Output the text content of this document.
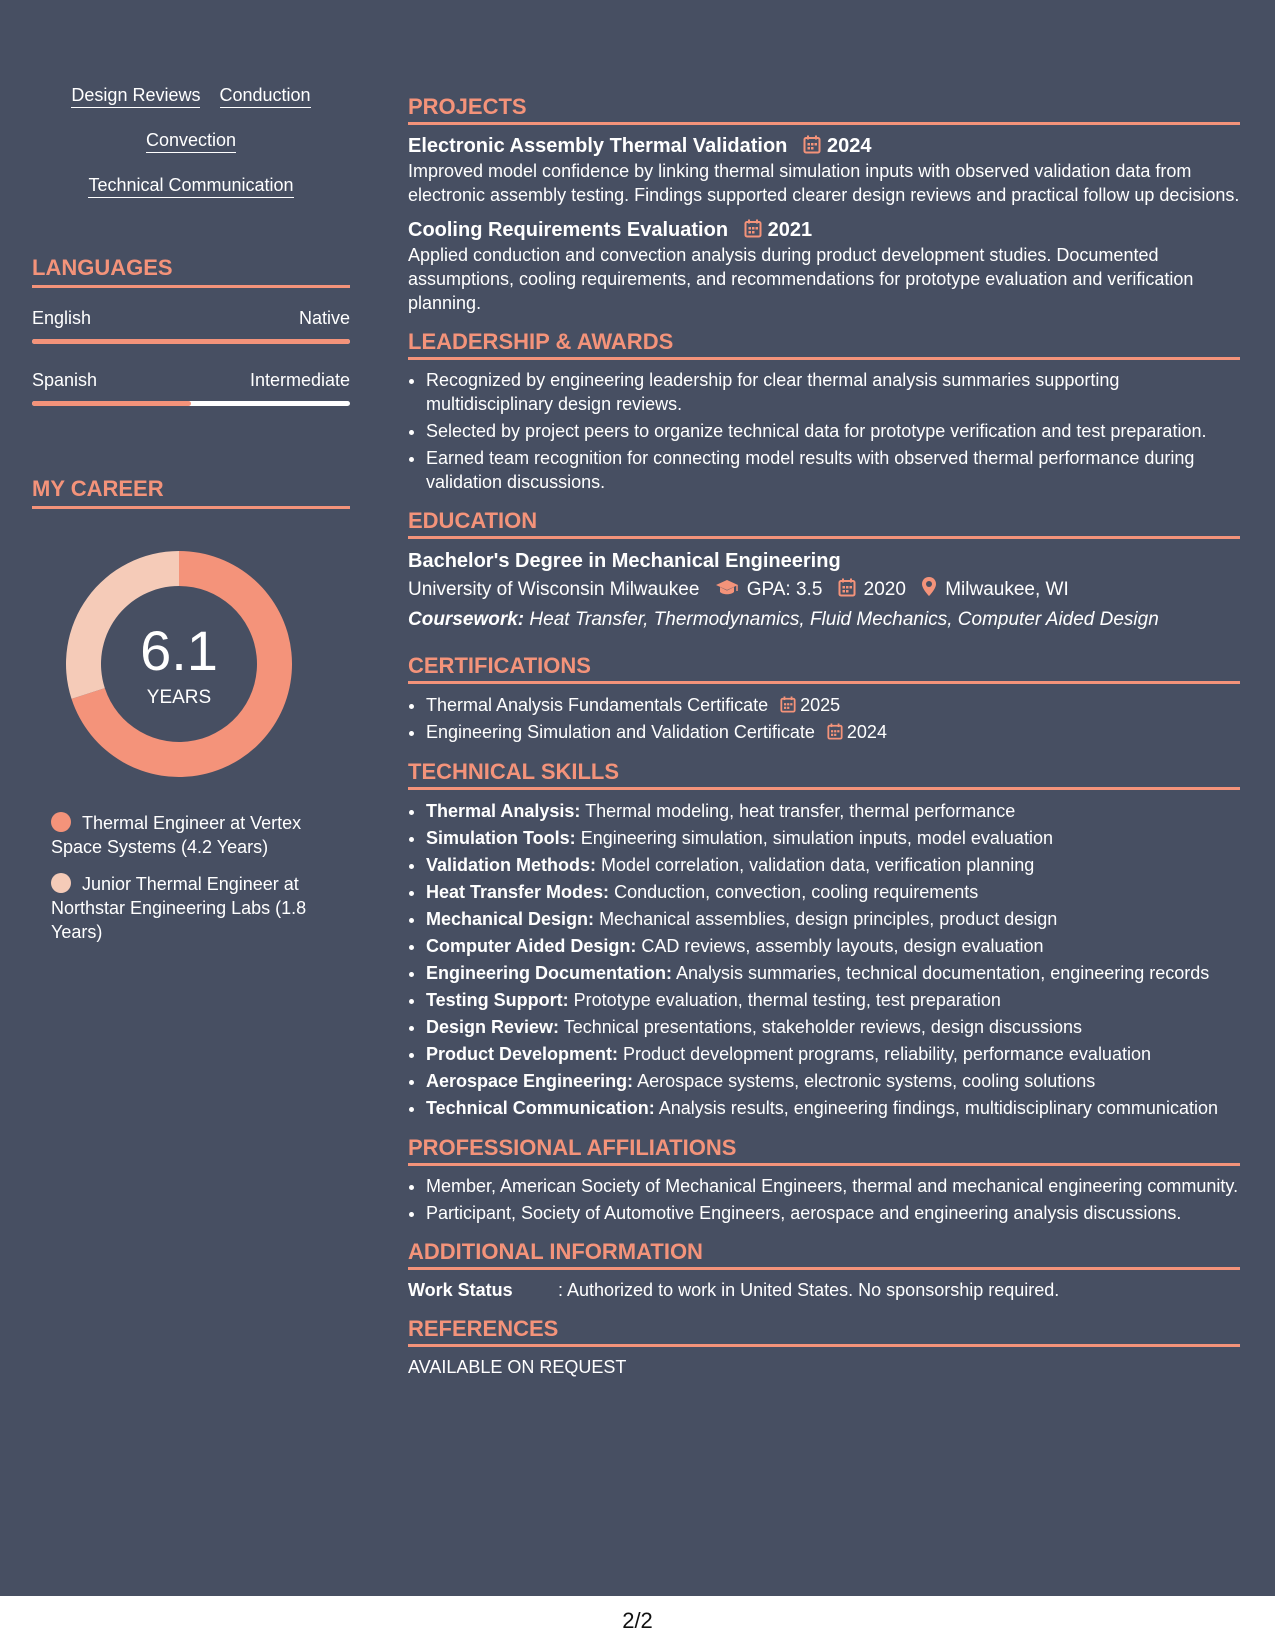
Design Reviews Conduction
Convection
Technical Communication
LANGUAGES
English	Native
Spanish	Intermediate
MY CAREER
6.1
YEARS
Thermal Engineer at Vertex Space Systems (4.2 Years)
Junior Thermal Engineer at Northstar Engineering Labs (1.8 Years)
PROJECTS
Electronic Assembly Thermal Validation 2024
Improved model confidence by linking thermal simulation inputs with observed validation data from electronic assembly testing. Findings supported clearer design reviews and practical follow up decisions.
Cooling Requirements Evaluation 2021
Applied conduction and convection analysis during product development studies. Documented assumptions, cooling requirements, and recommendations for prototype evaluation and verification planning.
LEADERSHIP & AWARDS
• Recognized by engineering leadership for clear thermal analysis summaries supporting multidisciplinary design reviews.
• Selected by project peers to organize technical data for prototype verification and test preparation.
• Earned team recognition for connecting model results with observed thermal performance during validation discussions.
EDUCATION
Bachelor's Degree in Mechanical Engineering
University of Wisconsin Milwaukee GPA: 3.5 2020 Milwaukee, WI
Coursework: Heat Transfer, Thermodynamics, Fluid Mechanics, Computer Aided Design
CERTIFICATIONS
• Thermal Analysis Fundamentals Certificate 2025
• Engineering Simulation and Validation Certificate 2024
TECHNICAL SKILLS
• Thermal Analysis: Thermal modeling, heat transfer, thermal performance
• Simulation Tools: Engineering simulation, simulation inputs, model evaluation
• Validation Methods: Model correlation, validation data, verification planning
• Heat Transfer Modes: Conduction, convection, cooling requirements
• Mechanical Design: Mechanical assemblies, design principles, product design
• Computer Aided Design: CAD reviews, assembly layouts, design evaluation
• Engineering Documentation: Analysis summaries, technical documentation, engineering records
• Testing Support: Prototype evaluation, thermal testing, test preparation
• Design Review: Technical presentations, stakeholder reviews, design discussions
• Product Development: Product development programs, reliability, performance evaluation
• Aerospace Engineering: Aerospace systems, electronic systems, cooling solutions
• Technical Communication: Analysis results, engineering findings, multidisciplinary communication
PROFESSIONAL AFFILIATIONS
• Member, American Society of Mechanical Engineers, thermal and mechanical engineering community.
• Participant, Society of Automotive Engineers, aerospace and engineering analysis discussions.
ADDITIONAL INFORMATION
Work Status	: Authorized to work in United States. No sponsorship required.
REFERENCES
AVAILABLE ON REQUEST
2/2
